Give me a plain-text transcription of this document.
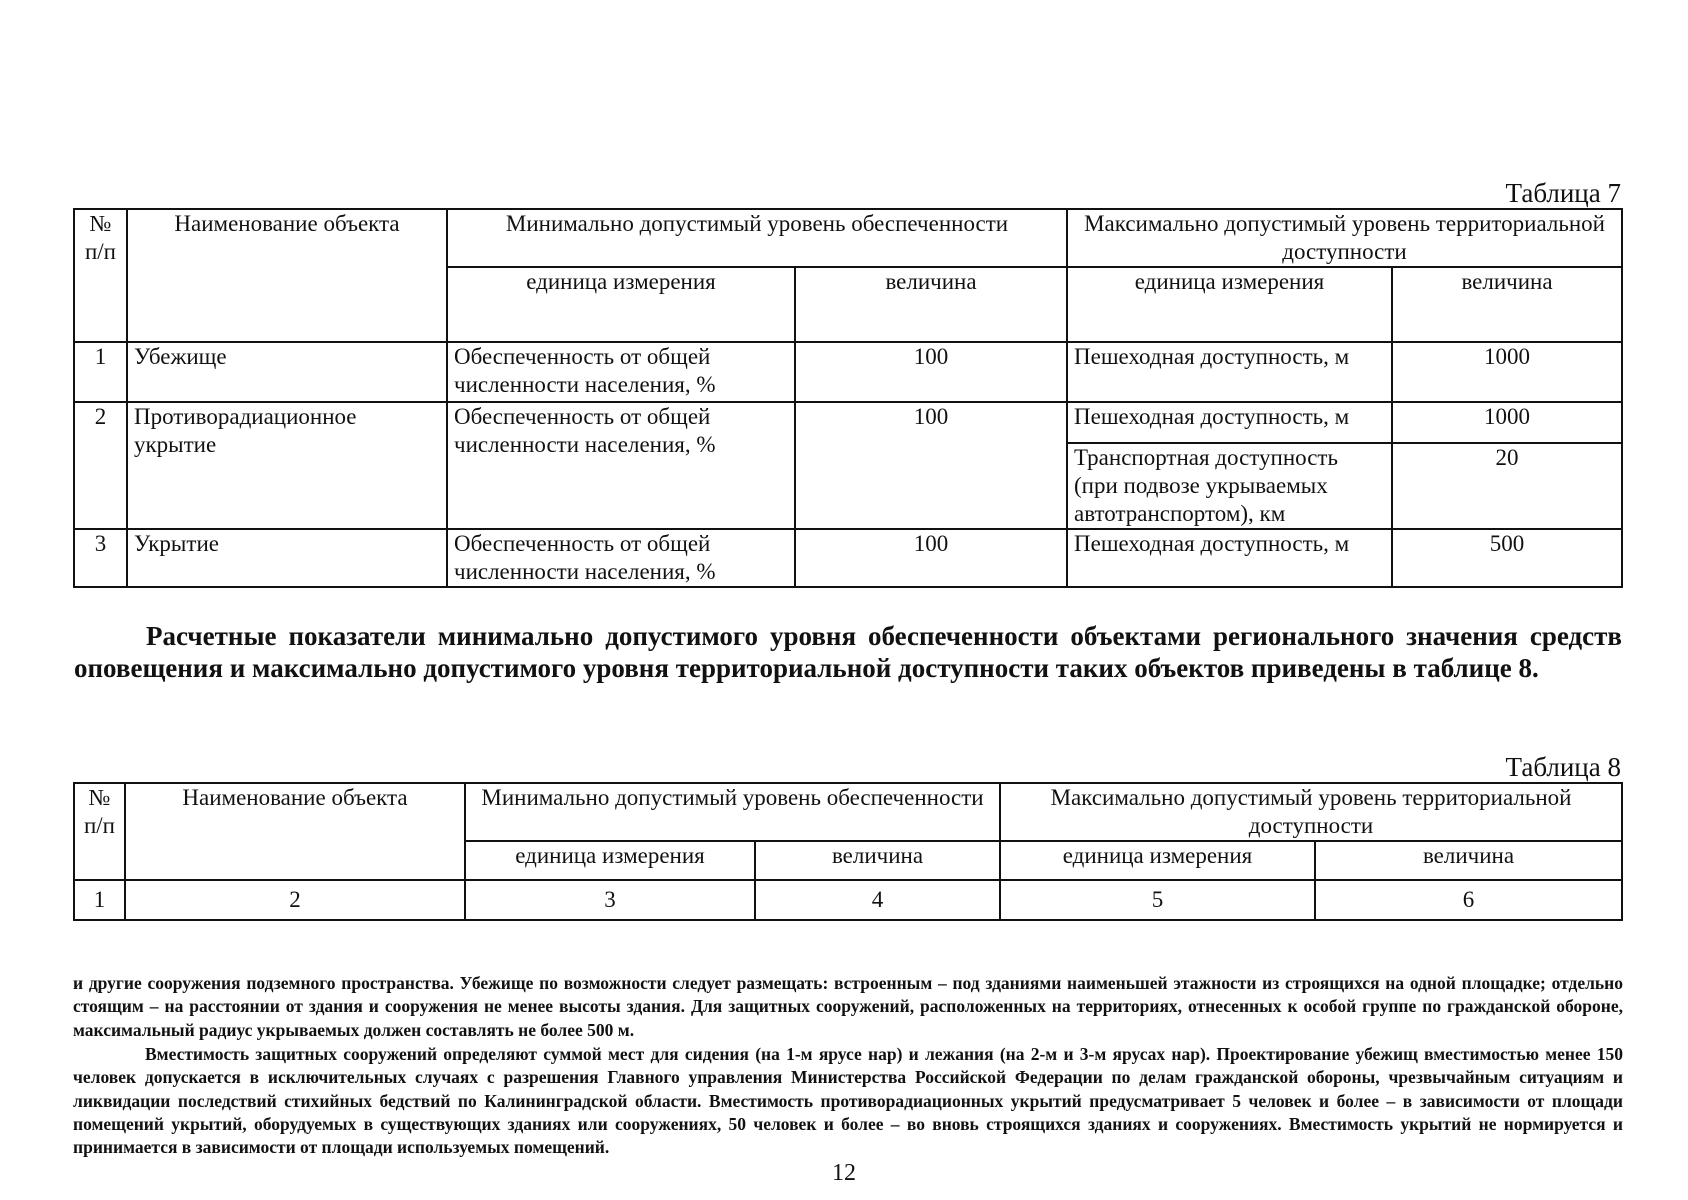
Таблица 7
№ п/п	Наименование объекта	Минимально допустимый уровень обеспеченности		Максимально допустимый уровень территориальной доступности	
		единица измерения	величина	единица измерения	величина
1	Убежище	Обеспеченность от общей численности населения, %	100	Пешеходная доступность, м	1000
2	Противорадиационное укрытие	Обеспеченность от общей численности населения, %	100	Пешеходная доступность, м	1000
				Транспортная доступность (при подвозе укрываемых автотранспортом), км	20
3	Укрытие	Обеспеченность от общей численности населения, %	100	Пешеходная доступность, м	500

Расчетные показатели минимально допустимого уровня обеспеченности объектами регионального значения средств оповещения и максимально допустимого уровня территориальной доступности таких объектов приведены в таблице 8.

Таблица 8
№ п/п	Наименование объекта	Минимально допустимый уровень обеспеченности		Максимально допустимый уровень территориальной доступности	
		единица измерения	величина	единица измерения	величина
1	2	3	4	5	6

и другие сооружения подземного пространства. Убежище по возможности следует размещать: встроенным – под зданиями наименьшей этажности из строящихся на одной площадке; отдельно стоящим – на расстоянии от здания и сооружения не менее высоты здания. Для защитных сооружений, расположенных на территориях, отнесенных к особой группе по гражданской обороне, максимальный радиус укрываемых должен составлять не более 500 м.

Вместимость защитных сооружений определяют суммой мест для сидения (на 1-м ярусе нар) и лежания (на 2-м и 3-м ярусах нар). Проектирование убежищ вместимостью менее 150 человек допускается в исключительных случаях с разрешения Главного управления Министерства Российской Федерации по делам гражданской обороны, чрезвычайным ситуациям и ликвидации последствий стихийных бедствий по Калининградской области. Вместимость противорадиационных укрытий предусматривает 5 человек и более – в зависимости от площади помещений укрытий, оборудуемых в существующих зданиях или сооружениях, 50 человек и более – во вновь строящихся зданиях и сооружениях. Вместимость укрытий не нормируется и принимается в зависимости от площади используемых помещений.

12
